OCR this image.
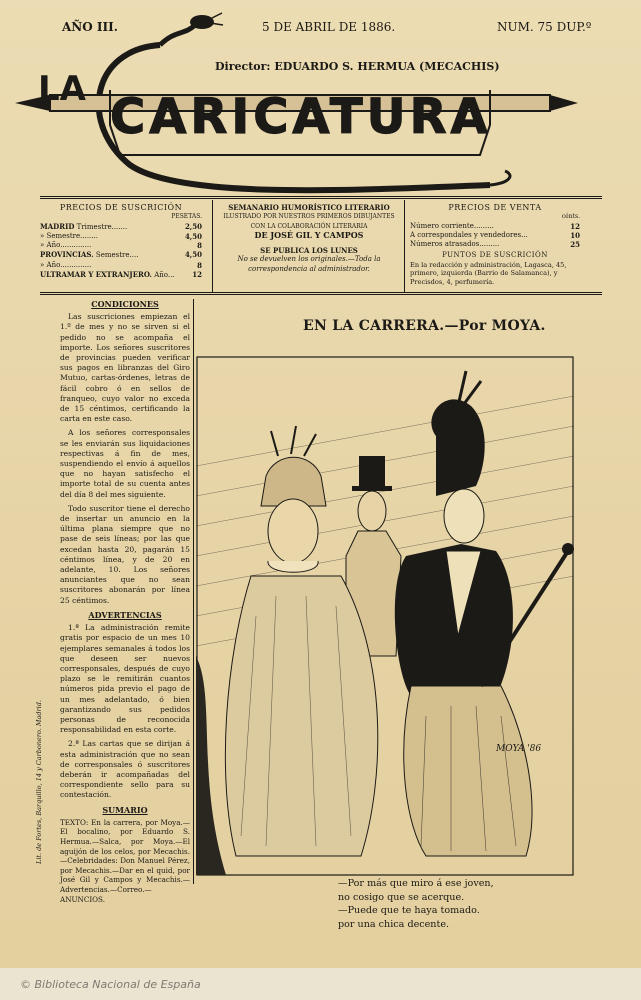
AÑO III.	5 DE ABRIL DE 1886.	NUM. 75 DUP.º
LA CARICATURA
Director: EDUARDO S. HERMUA (MECACHIS)
PRECIOS DE SUSCRICIÓN
PESETAS.
MADRID Trimestre.......	2,50
» Semestre........	4,50
» Año..............	8
PROVINCIAS. Semestre....	4,50
» Año..............	8
ULTRAMAR Y EXTRANJERO. Año...	12
SEMANARIO HUMORÍSTICO LITERARIO
ILUSTRADO POR NUESTROS PRIMEROS DIBUJANTES
CON LA COLABORACIÓN LITERARIA
DE JOSÉ GIL Y CAMPOS
SE PUBLICA LOS LUNES
No se devuelven los originales.—Toda la
correspondencia al administrador.
PRECIOS DE VENTA
cénts.
Número corriente.........	12
A correspondales y vendedores...	10
Números atrasados.........	25
PUNTOS DE SUSCRICIÓN
En la redacción y administración, Lagasca, 45, primero, izquierda (Barrio de Salamanca), y Precisdos, 4, perfumería.
CONDICIONES

Las suscriciones empiezan el 1.º de mes y no se sirven si el pedido no se acompaña el importe. Los señores suscritores de provincias pueden verificar sus pagos en libranzas del Giro Mutuo, cartas-órdenes, letras de fácil cobro ó en sellos de franqueo, cuyo valor no exceda de 15 céntimos, certificando la carta en este caso.

A los señores corresponsales se les enviarán sus liquidaciones respectivas á fin de mes, suspendiendo el envío á aquellos que no hayan satisfecho el importe total de su cuenta antes del día 8 del mes siguiente.

Todo suscritor tiene el derecho de insertar un anuncio en la última plana siempre que no pase de seis líneas; por las que excedan hasta 20, pagarán 15 céntimos línea, y de 20 en adelante, 10. Los señores anunciantes que no sean suscritores abonarán por línea 25 céntimos.

ADVERTENCIAS

1.ª La administración remite gratis por espacio de un mes 10 ejemplares semanales á todos los que deseen ser nuevos corresponsales, después de cuyo plazo se le remitirán cuantos números pida previo el pago de un mes adelantado, ó bien garantizando sus pedidos personas de reconocida responsabilidad en esta corte.

2.ª Las cartas que se dirijan á esta administración que no sean de corresponsales ó suscritores deberán ir acompañadas del correspondiente sello para su contestación.

SUMARIO

TEXTO: En la carrera, por Moya.—El bocalino, por Eduardo S. Hermua.—Salca, por Moya.—El aguijón de los celos, por Mecachis.—Celebridades: Don Manuel Pérez, por Mecachis.—Dar en el quid, por José Gil y Campos y Mecachis.—Advertencias.—Correo.—ANUNCIOS.

Lit. de Fortes, Barquillo, 14 y Carbonero. Madrid.
EN LA CARRERA.—Por MOYA.
MOYA '86
—Por más que miro á ese joven,
no cosigo que se acerque.
—Puede que te haya tomado.
por una chica decente.
© Biblioteca Nacional de España
